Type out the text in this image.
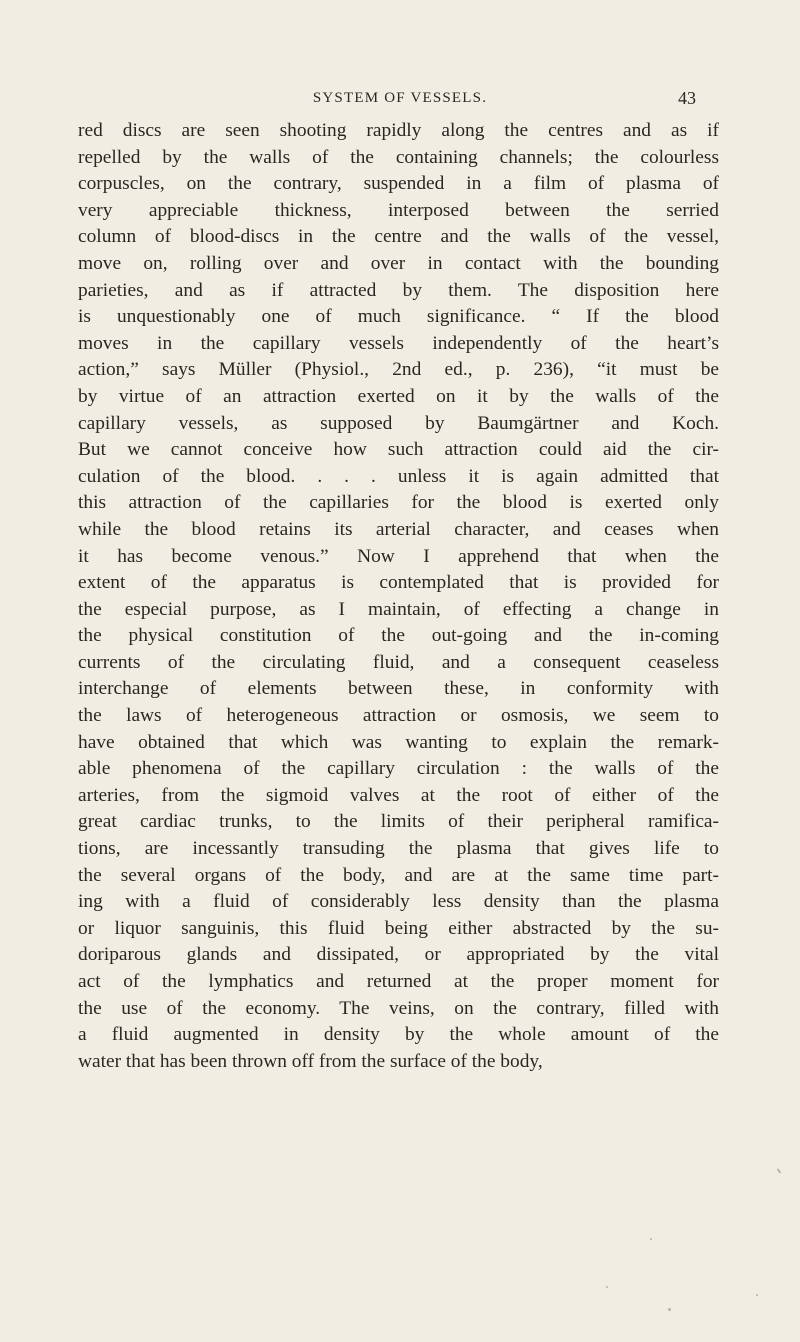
SYSTEM OF VESSELS.	43
red discs are seen shooting rapidly along the centres and as if
repelled by the walls of the containing channels; the colourless
corpuscles, on the contrary, suspended in a film of plasma of
very appreciable thickness, interposed between the serried
column of blood-discs in the centre and the walls of the vessel,
move on, rolling over and over in contact with the bounding
parieties, and as if attracted by them. The disposition here
is unquestionably one of much significance. “ If the blood
moves in the capillary vessels independently of the heart’s
action,” says Müller (Physiol., 2nd ed., p. 236), “it must be
by virtue of an attraction exerted on it by the walls of the
capillary vessels, as supposed by Baumgärtner and Koch.
But we cannot conceive how such attraction could aid the cir-
culation of the blood. . . . unless it is again admitted that
this attraction of the capillaries for the blood is exerted only
while the blood retains its arterial character, and ceases when
it has become venous.” Now I apprehend that when the
extent of the apparatus is contemplated that is provided for
the especial purpose, as I maintain, of effecting a change in
the physical constitution of the out-going and the in-coming
currents of the circulating fluid, and a consequent ceaseless
interchange of elements between these, in conformity with
the laws of heterogeneous attraction or osmosis, we seem to
have obtained that which was wanting to explain the remark-
able phenomena of the capillary circulation : the walls of the
arteries, from the sigmoid valves at the root of either of the
great cardiac trunks, to the limits of their peripheral ramifica-
tions, are incessantly transuding the plasma that gives life to
the several organs of the body, and are at the same time part-
ing with a fluid of considerably less density than the plasma
or liquor sanguinis, this fluid being either abstracted by the su-
doriparous glands and dissipated, or appropriated by the vital
act of the lymphatics and returned at the proper moment for
the use of the economy. The veins, on the contrary, filled with
a fluid augmented in density by the whole amount of the
water that has been thrown off from the surface of the body,
